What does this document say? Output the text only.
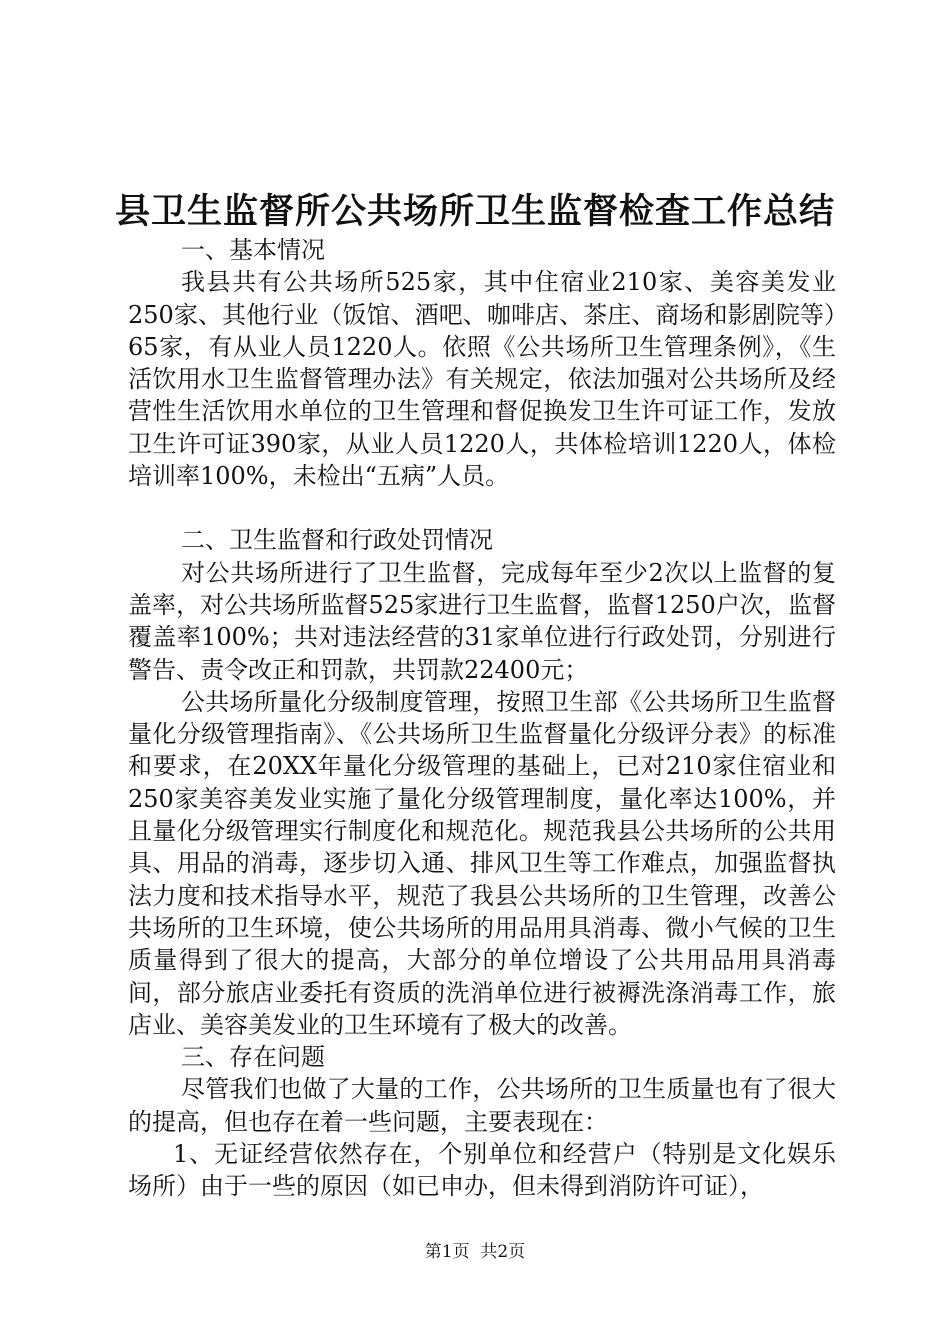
县卫生监督所公共场所卫生监督检查工作总结

一、基本情况

我县共有公共场所525家，其中住宿业210家、美容美发业250家、其他行业（饭馆、酒吧、咖啡店、茶庄、商场和影剧院等）65家，有从业人员1220人。依照《公共场所卫生管理条例》，《生活饮用水卫生监督管理办法》有关规定，依法加强对公共场所及经营性生活饮用水单位的卫生管理和督促换发卫生许可证工作，发放卫生许可证390家，从业人员1220人，共体检培训1220人，体检培训率100%，未检出“五病”人员。

二、卫生监督和行政处罚情况

对公共场所进行了卫生监督，完成每年至少2次以上监督的复盖率，对公共场所监督525家进行卫生监督，监督1250户次，监督覆盖率100%；共对违法经营的31家单位进行行政处罚，分别进行警告、责令改正和罚款，共罚款22400元；

公共场所量化分级制度管理，按照卫生部《公共场所卫生监督量化分级管理指南》、《公共场所卫生监督量化分级评分表》的标准和要求，在20XX年量化分级管理的基础上，已对210家住宿业和250家美容美发业实施了量化分级管理制度，量化率达100%，并且量化分级管理实行制度化和规范化。规范我县公共场所的公共用具、用品的消毒，逐步切入通、排风卫生等工作难点，加强监督执法力度和技术指导水平，规范了我县公共场所的卫生管理，改善公共场所的卫生环境，使公共场所的用品用具消毒、微小气候的卫生质量得到了很大的提高，大部分的单位增设了公共用品用具消毒间，部分旅店业委托有资质的洗消单位进行被褥洗涤消毒工作，旅店业、美容美发业的卫生环境有了极大的改善。

三、存在问题

尽管我们也做了大量的工作，公共场所的卫生质量也有了很大的提高，但也存在着一些问题，主要表现在：

1、无证经营依然存在，个别单位和经营户（特别是文化娱乐场所）由于一些的原因（如已申办，但未得到消防许可证），

第1页  共2页
